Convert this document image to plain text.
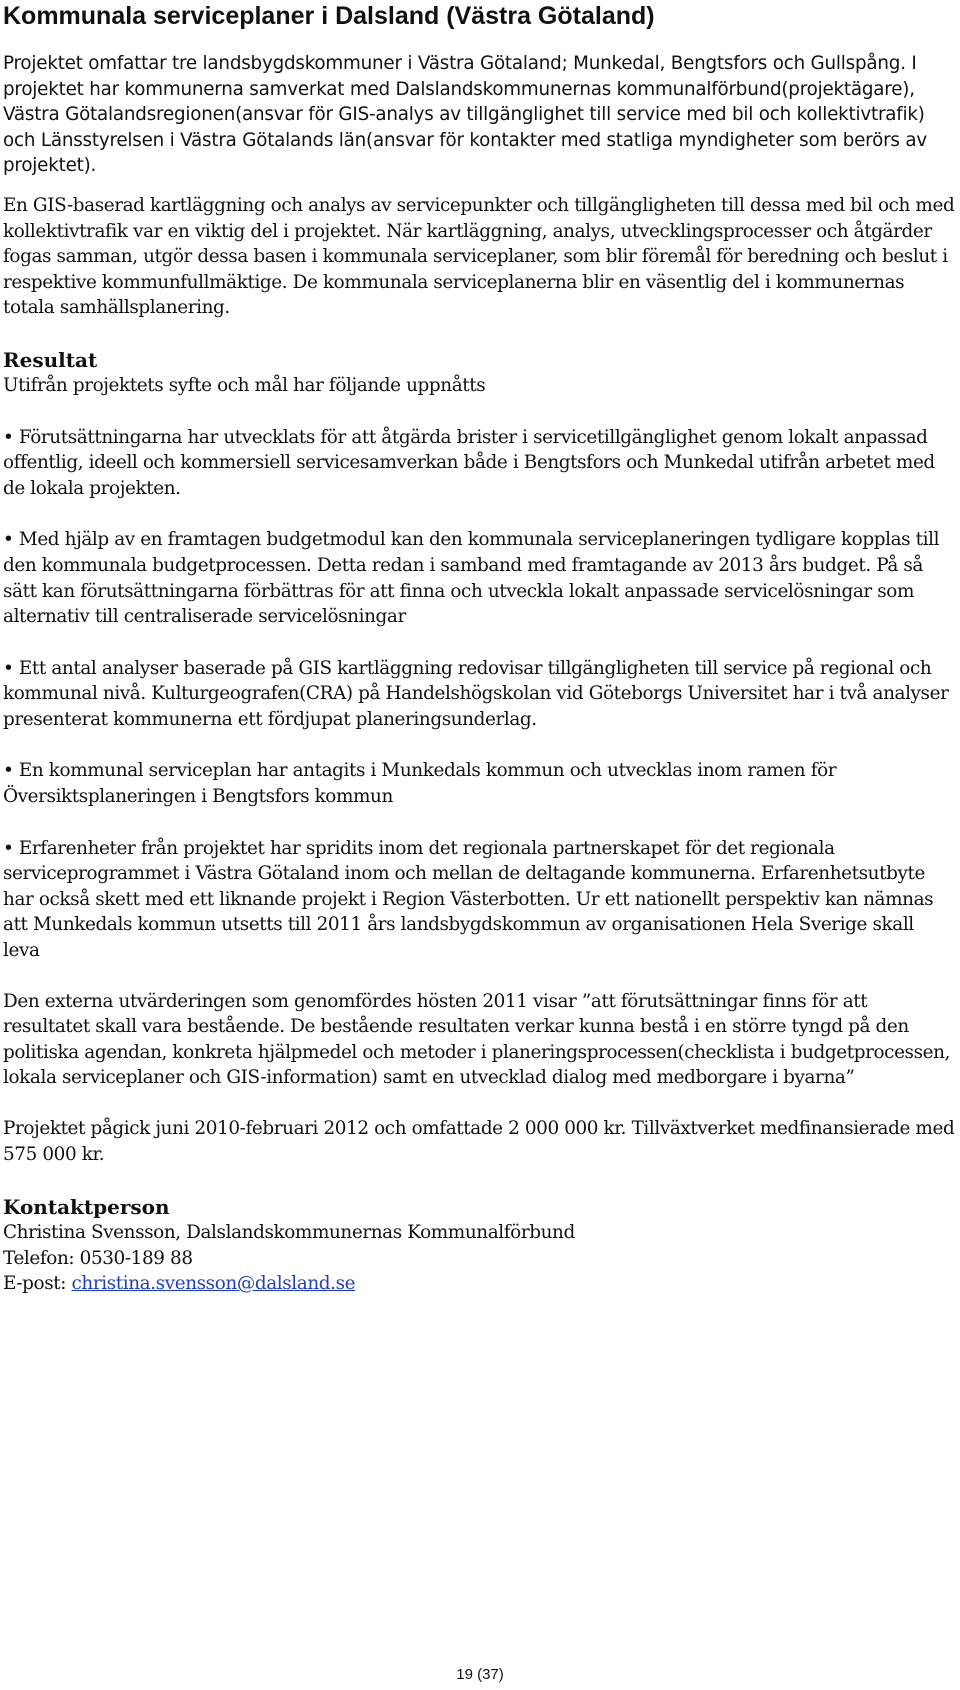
Kommunala serviceplaner i Dalsland (Västra Götaland)

Projektet omfattar tre landsbygdskommuner i Västra Götaland; Munkedal, Bengtsfors och Gullspång. I projektet har kommunerna samverkat med Dalslandskommunernas kommunalförbund(projektägare), Västra Götalandsregionen(ansvar för GIS-analys av tillgänglighet till service med bil och kollektivtrafik) och Länsstyrelsen i Västra Götalands län(ansvar för kontakter med statliga myndigheter som berörs av projektet).

En GIS-baserad kartläggning och analys av servicepunkter och tillgängligheten till dessa med bil och med kollektivtrafik var en viktig del i projektet. När kartläggning, analys, utvecklingsprocesser och åtgärder fogas samman, utgör dessa basen i kommunala serviceplaner, som blir föremål för beredning och beslut i respektive kommunfullmäktige. De kommunala serviceplanerna blir en väsentlig del i kommunernas totala samhällsplanering.

Resultat

Utifrån projektets syfte och mål har följande uppnåtts

• Förutsättningarna har utvecklats för att åtgärda brister i servicetillgänglighet genom lokalt anpassad offentlig, ideell och kommersiell servicesamverkan både i Bengtsfors och Munkedal utifrån arbetet med de lokala projekten.

• Med hjälp av en framtagen budgetmodul kan den kommunala serviceplaneringen tydligare kopplas till den kommunala budgetprocessen. Detta redan i samband med framtagande av 2013 års budget. På så sätt kan förutsättningarna förbättras för att finna och utveckla lokalt anpassade servicelösningar som alternativ till centraliserade servicelösningar

• Ett antal analyser baserade på GIS kartläggning redovisar tillgängligheten till service på regional och kommunal nivå. Kulturgeografen(CRA) på Handelshögskolan vid Göteborgs Universitet har i två analyser presenterat kommunerna ett fördjupat planeringsunderlag.

• En kommunal serviceplan har antagits i Munkedals kommun och utvecklas inom ramen för Översiktsplaneringen i Bengtsfors kommun

• Erfarenheter från projektet har spridits inom det regionala partnerskapet för det regionala serviceprogrammet i Västra Götaland inom och mellan de deltagande kommunerna. Erfarenhetsutbyte har också skett med ett liknande projekt i Region Västerbotten. Ur ett nationellt perspektiv kan nämnas att Munkedals kommun utsetts till 2011 års landsbygdskommun av organisationen Hela Sverige skall leva

Den externa utvärderingen som genomfördes hösten 2011 visar ”att förutsättningar finns för att resultatet skall vara bestående. De bestående resultaten verkar kunna bestå i en större tyngd på den politiska agendan, konkreta hjälpmedel och metoder i planeringsprocessen(checklista i budgetprocessen, lokala serviceplaner och GIS-information) samt en utvecklad dialog med medborgare i byarna”

Projektet pågick juni 2010-februari 2012 och omfattade 2 000 000 kr. Tillväxtverket medfinansierade med 575 000 kr.

Kontaktperson

Christina Svensson, Dalslandskommunernas Kommunalförbund

Telefon: 0530-189 88

E-post: christina.svensson@dalsland.se

19 (37)
